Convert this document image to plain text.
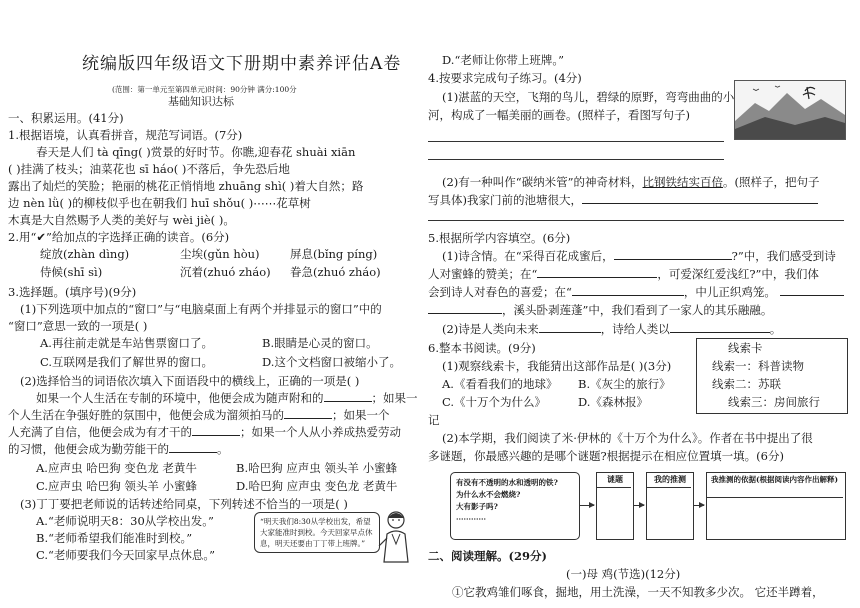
统编版四年级语文下册期中素养评估A卷
(范围：第一单元至第四单元)时间：90分钟 满分:100分
基础知识达标
一、积累运用。(41分)
1.根据语境，认真看拼音，规范写词语。(7分)
春天是人们 tà qīng( )赏景的好时节。你瞧,迎春花 shuài xiān
( )挂满了枝头；油菜花也 sī háo( )不落后，争先恐后地
露出了灿烂的笑脸；艳丽的桃花正悄悄地 zhuāng shì( )着大自然；路
边 nèn lǜ( )的柳枝似乎也在朝我们 huī shǒu( )⋯⋯花草树
木真是大自然赐予人类的美好与 wèi jiè( )。
2.用“✔”给加点的字选择正确的读音。(6分)
绽放(zhàn dìng)	尘埃(gǔn hòu)	屏息(bǐng píng)
侍候(shī sì)	沉着(zhuó zháo) 眷急(zhuó zháo)
3.选择题。(填序号)(9分)
(1)下列选项中加点的“窗口”与“电脑桌面上有两个并排显示的窗口”中的
“窗口”意思一致的一项是( )
A.再往前走就是车站售票窗口了。	B.眼睛是心灵的窗口。
C.互联网是我们了解世界的窗口。	D.这个文档窗口被缩小了。
(2)选择恰当的词语依次填入下面语段中的横线上，正确的一项是( )
如果一个人生活在专制的环境中，他便会成为随声附和的	；如果一
个人生活在争强好胜的氛围中，他便会成为溜须拍马的	；如果一个
人充满了自信，他便会成为有才干的	；如果一个人从小养成热爱劳动
的习惯，他便会成为勤劳能干的	。
A.应声虫 哈巴狗 变色龙 老黄牛	B.哈巴狗 应声虫 领头羊 小蜜蜂
C.应声虫 哈巴狗 领头羊 小蜜蜂	D.哈巴狗 应声虫 变色龙 老黄牛
(3)丁丁要把老师说的话转述给同桌，下列转述不恰当的一项是( )
A.“老师说明天8：30从学校出发。”
B.“老师希望我们能准时到校。”
C.“老师要我们今天回家早点休息。”
“明天我们8:30从学校出发，希望大家能准时到校。今天回家早点休息，明天还要由丁丁带上班牌。”
D.“老师让你带上班牌。”
4.按要求完成句子练习。(4分)
(1)湛蓝的天空，飞翔的鸟儿，碧绿的原野，弯弯曲曲的小
河，构成了一幅美丽的画卷。(照样子，看图写句子)
(2)有一种叫作“碳纳米管”的神奇材料，比钢铁结实百倍。(照样子，把句子
写具体)我家门前的池塘很大，
5.根据所学内容填空。(6分)
(1)诗含情。在“采得百花成蜜后，	?”中，我们感受到诗
人对蜜蜂的赞美；在“	，可爱深红爱浅红?”中，我们体
会到诗人对春色的喜爱；在“	，中儿正织鸡笼。
，溪头卧剥莲蓬”中，我们看到了一家人的其乐融融。
(2)诗是人类向未来	，诗给人类以	。
6.整本书阅读。(9分)
(1)观察线索卡，我能猜出这部作品是( )(3分)
A.《看看我们的地球》 B.《灰尘的旅行》
C.《十万个为什么》	D.《森林报》
记
线索卡
线索一：科普读物
线索二：苏联
线索三：房间旅行
(2)本学期，我们阅读了米·伊林的《十万个为什么》。作者在书中提出了很
多谜题，你最感兴趣的是哪个谜题?根据提示在相应位置填一填。(6分)
有没有不透明的水和透明的铁?
为什么水不会燃烧?
大有影子吗?
⋯⋯⋯⋯
谜题	我的推测	我推测的依据(根据阅读内容作出解释)
二、阅读理解。(29分)
(一)母 鸡(节选)(12分)
①它教鸡雏们啄食，掘地，用土洗澡，一天不知教多少次。 它还半蹲着，
